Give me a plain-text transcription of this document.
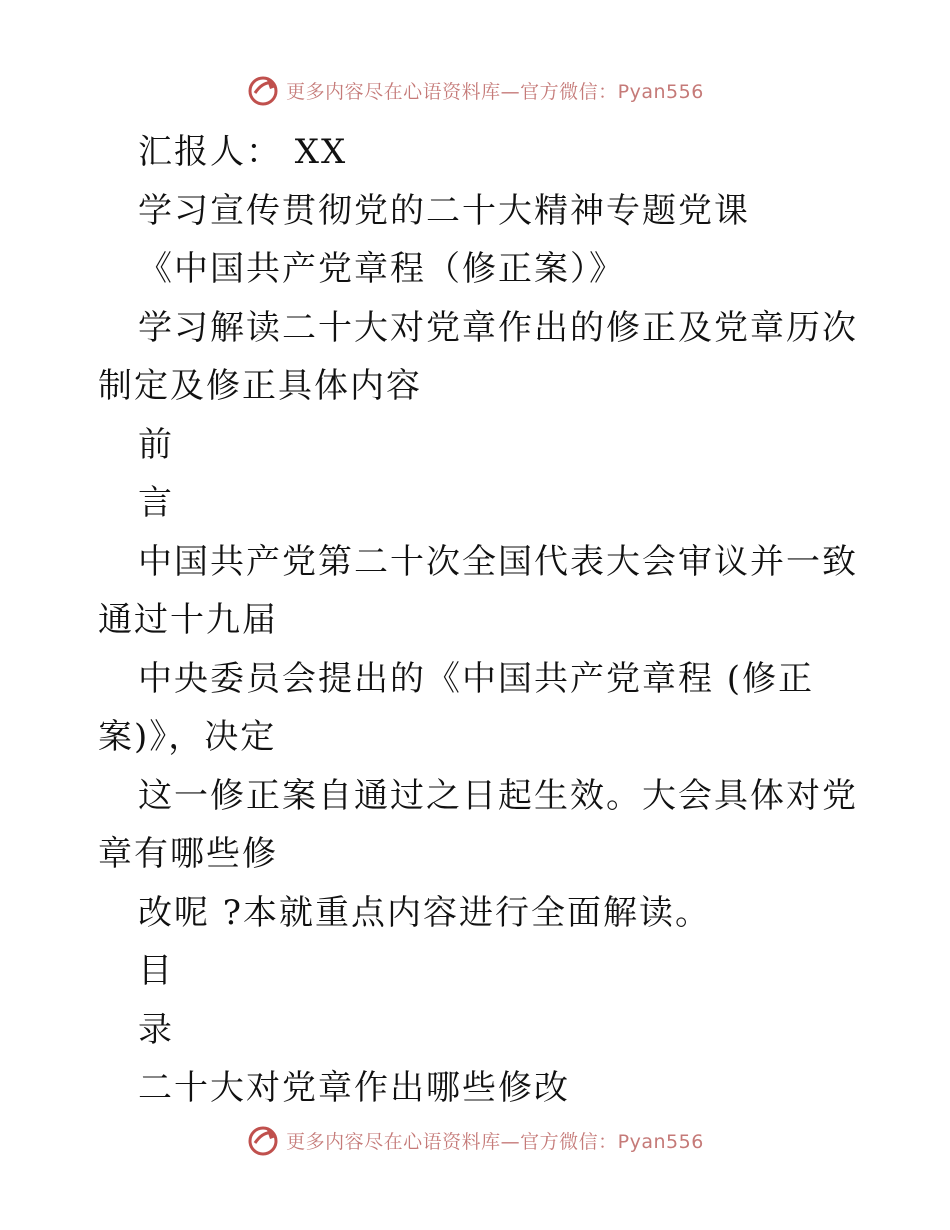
更多内容尽在心语资料库—官方微信：Pyan556

汇报人： XX

学习宣传贯彻党的二十大精神专题党课

《中国共产党章程（修正案）》

学习解读二十大对党章作出的修正及党章历次制定及修正具体内容

前

言

中国共产党第二十次全国代表大会审议并一致通过十九届

中央委员会提出的《中国共产党章程 (修正案)》，决定

这一修正案自通过之日起生效。大会具体对党章有哪些修

改呢 ?本就重点内容进行全面解读。

目

录

二十大对党章作出哪些修改

更多内容尽在心语资料库—官方微信：Pyan556
